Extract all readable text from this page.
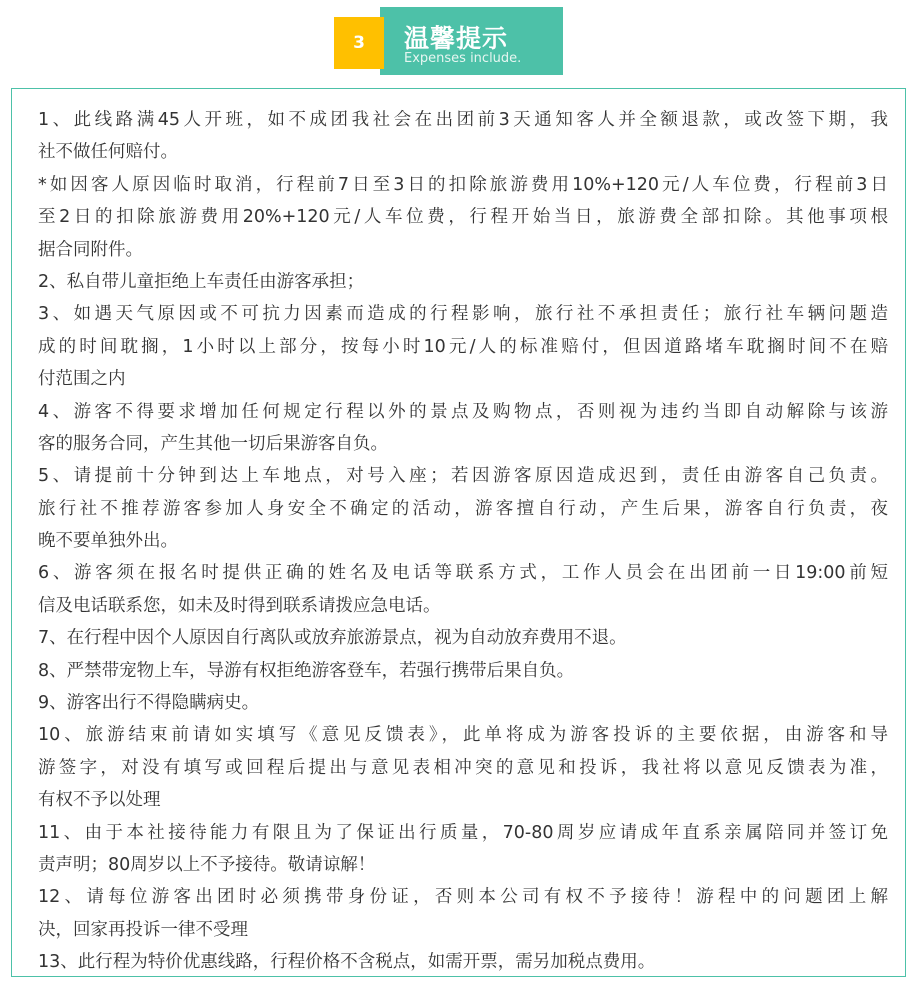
3	温馨提示
Expenses include.
1、此线路满45人开班，如不成团我社会在出团前3天通知客人并全额退款，或改签下期，我
社不做任何赔付。
*如因客人原因临时取消，行程前7日至3日的扣除旅游费用10%+120元/人车位费，行程前3日
至2日的扣除旅游费用20%+120元/人车位费，行程开始当日，旅游费全部扣除。其他事项根
据合同附件。
2、私自带儿童拒绝上车责任由游客承担；
3、如遇天气原因或不可抗力因素而造成的行程影响，旅行社不承担责任；旅行社车辆问题造
成的时间耽搁，1小时以上部分，按每小时10元/人的标准赔付，但因道路堵车耽搁时间不在赔
付范围之内
4、游客不得要求增加任何规定行程以外的景点及购物点，否则视为违约当即自动解除与该游
客的服务合同，产生其他一切后果游客自负。
5、请提前十分钟到达上车地点，对号入座；若因游客原因造成迟到，责任由游客自己负责。
旅行社不推荐游客参加人身安全不确定的活动，游客擅自行动，产生后果，游客自行负责，夜
晚不要单独外出。
6、游客须在报名时提供正确的姓名及电话等联系方式，工作人员会在出团前一日19:00前短
信及电话联系您，如未及时得到联系请拨应急电话。
7、在行程中因个人原因自行离队或放弃旅游景点，视为自动放弃费用不退。
8、严禁带宠物上车，导游有权拒绝游客登车，若强行携带后果自负。
9、游客出行不得隐瞒病史。
10、旅游结束前请如实填写《意见反馈表》，此单将成为游客投诉的主要依据，由游客和导
游签字，对没有填写或回程后提出与意见表相冲突的意见和投诉，我社将以意见反馈表为准，
有权不予以处理
11、由于本社接待能力有限且为了保证出行质量，70-80周岁应请成年直系亲属陪同并签订免
责声明；80周岁以上不予接待。敬请谅解！
12、请每位游客出团时必须携带身份证，否则本公司有权不予接待！游程中的问题团上解
决，回家再投诉一律不受理
13、此行程为特价优惠线路，行程价格不含税点，如需开票，需另加税点费用。
